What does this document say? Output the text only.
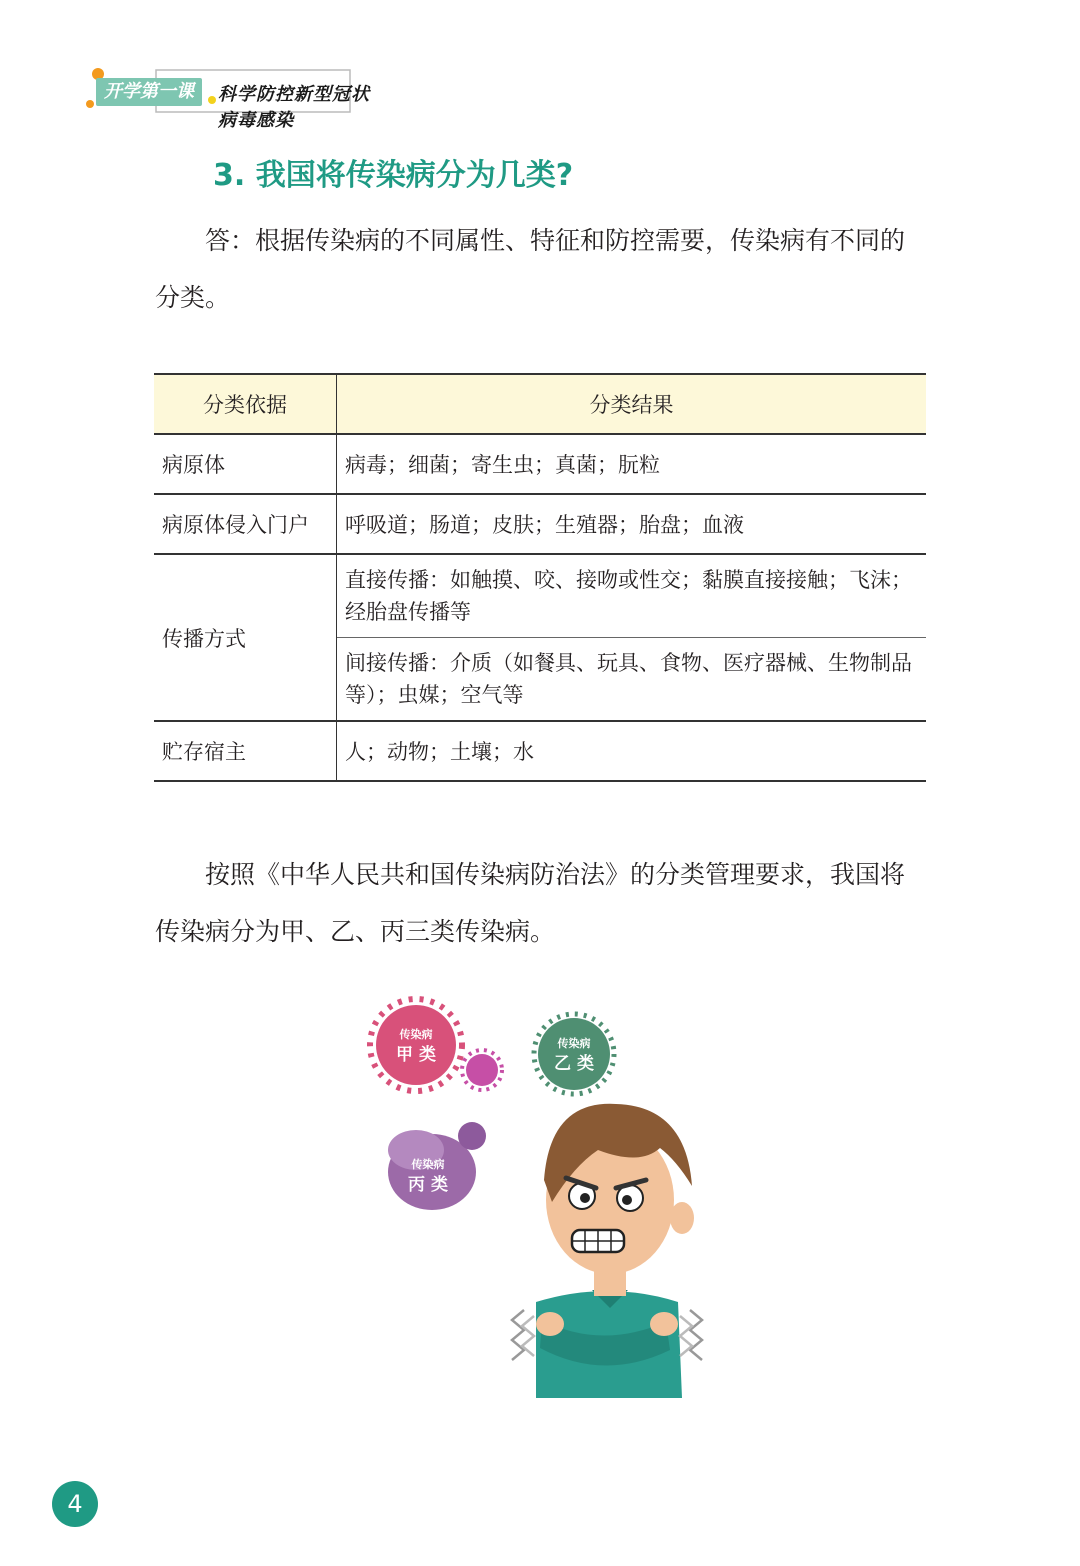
开学第一课	科学防控新型冠状病毒感染
3. 我国将传染病分为几类?
答：根据传染病的不同属性、特征和防控需要，传染病有不同的分类。
分类依据	分类结果
病原体	病毒；细菌；寄生虫；真菌；朊粒
病原体侵入门户	呼吸道；肠道；皮肤；生殖器；胎盘；血液
传播方式	直接传播：如触摸、咬、接吻或性交；黏膜直接接触；飞沫；经胎盘传播等
	间接传播：介质（如餐具、玩具、食物、医疗器械、生物制品等）；虫媒；空气等
贮存宿主	人；动物；土壤；水
按照《中华人民共和国传染病防治法》的分类管理要求，我国将传染病分为甲、乙、丙三类传染病。
传染病
甲 类
传染病
乙 类
传染病
丙 类
4
